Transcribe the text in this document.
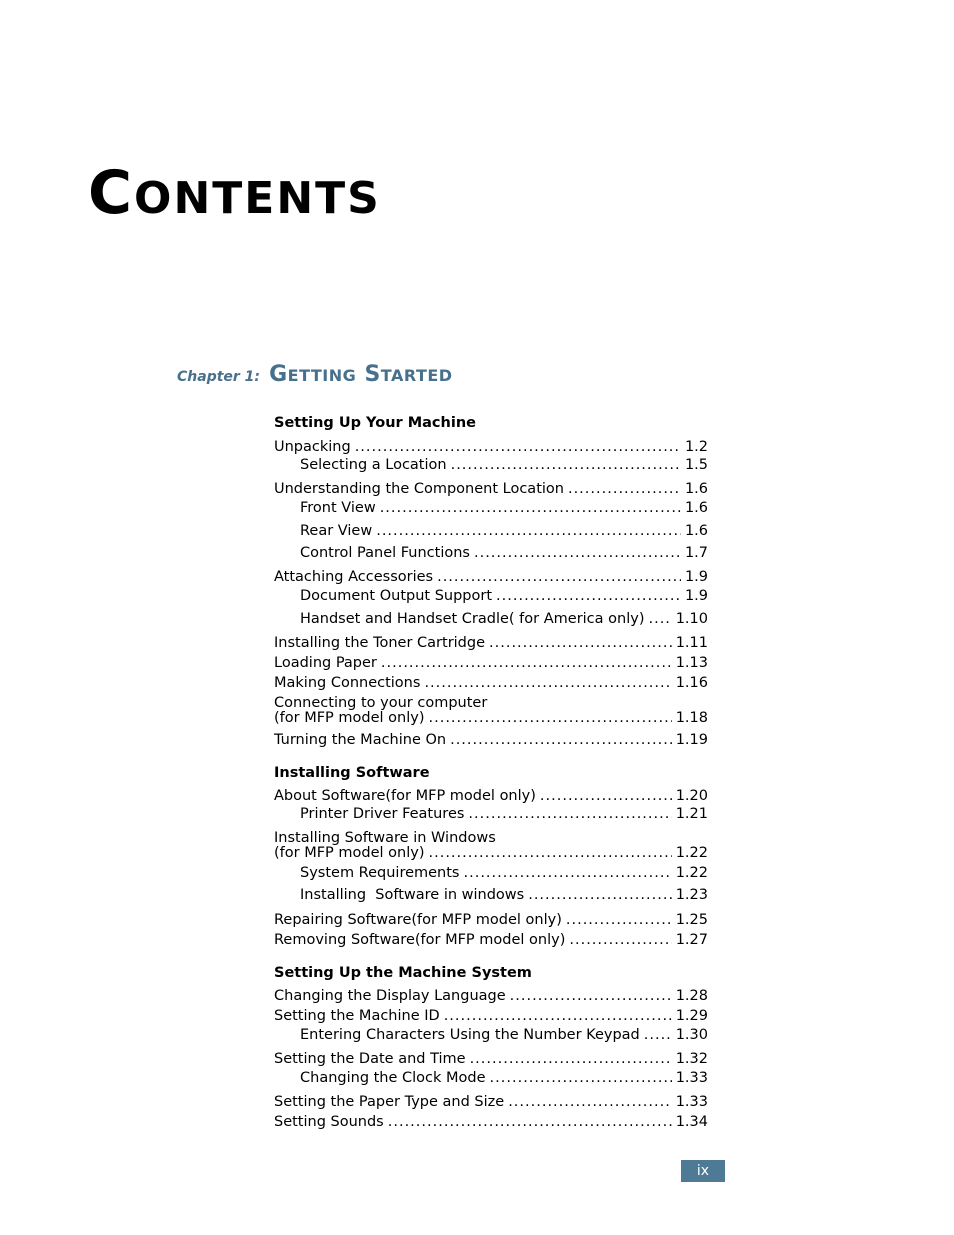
CONTENTS
Chapter 1: GETTING STARTED
Setting Up Your Machine
Unpacking .....	1.2
Selecting a Location .....	1.5
Understanding the Component Location .....	1.6
Front View .....	1.6
Rear View .....	1.6
Control Panel Functions .....	1.7
Attaching Accessories .....	1.9
Document Output Support .....	1.9
Handset and Handset Cradle( for America only) ..... 1.10
Installing the Toner Cartridge .....	1.11
Loading Paper .....	1.13
Making Connections .....	1.16
Connecting to your computer
(for MFP model only) .....	1.18
Turning the Machine On .....	1.19
Installing Software
About Software(for MFP model only) .....	1.20
Printer Driver Features .....	1.21
Installing Software in Windows
(for MFP model only) .....	1.22
System Requirements .....	1.22
Installing  Software in windows .....	1.23
Repairing Software(for MFP model only) .....	1.25
Removing Software(for MFP model only) .....	1.27
Setting Up the Machine System
Changing the Display Language .....	1.28
Setting the Machine ID .....	1.29
Entering Characters Using the Number Keypad ..... 1.30
Setting the Date and Time .....	1.32
Changing the Clock Mode .....	1.33
Setting the Paper Type and Size .....	1.33
Setting Sounds .....	1.34
ix
